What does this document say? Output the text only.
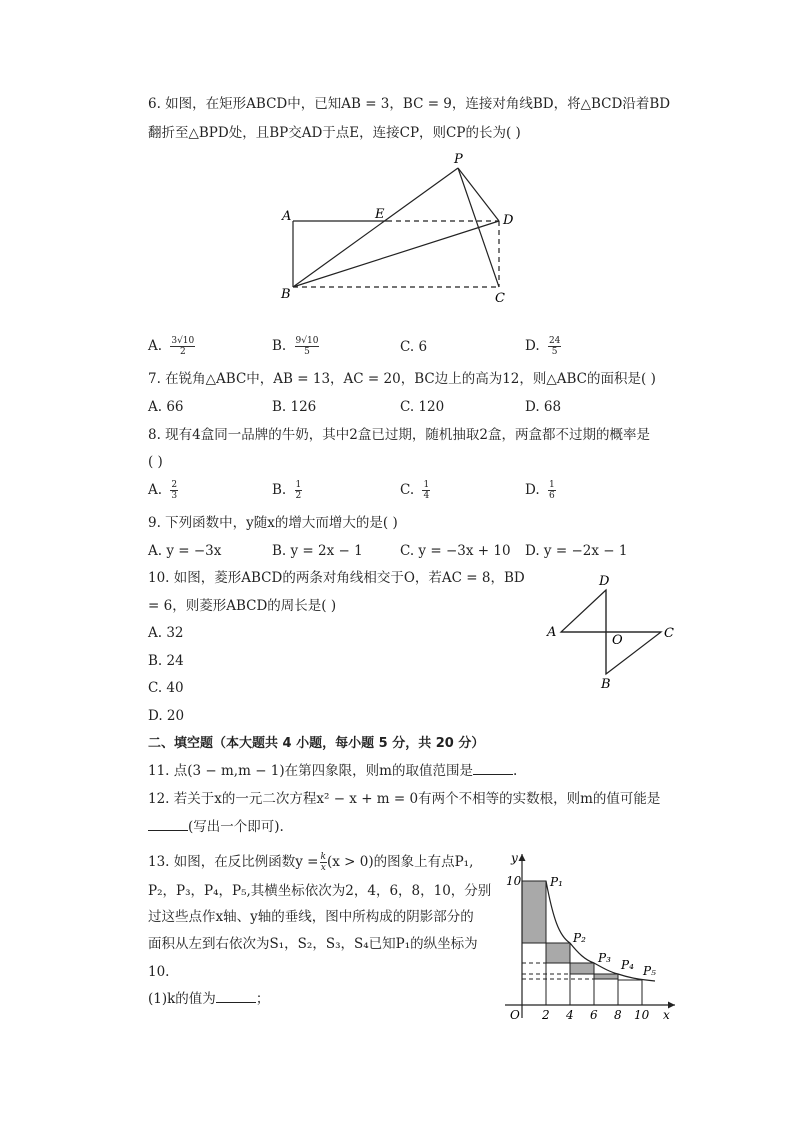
6. 如图，在矩形ABCD中，已知AB = 3，BC = 9，连接对角线BD，将△BCD沿着BD
翻折至△BPD处，且BP交AD于点E，连接CP，则CP的长为( )
P
A	E	D
B	C
A. $\frac{3√10}{2}$	B. $\frac{9√10}{5}$	C. 6	D. $\frac{24}{5}$
7. 在锐角△ABC中，AB = 13，AC = 20，BC边上的高为12，则△ABC的面积是( )
A. 66	B. 126	C. 120	D. 68
8. 现有4盒同一品牌的牛奶，其中2盒已过期，随机抽取2盒，两盒都不过期的概率是
( )
A. $\frac{2}{3}$	B. $\frac{1}{2}$	C. $\frac{1}{4}$	D. $\frac{1}{6}$
9. 下列函数中，y随x的增大而增大的是( )
A. y = −3x	B. y = 2x − 1	C. y = −3x + 10 D. y = −2x − 1
10. 如图，菱形ABCD的两条对角线相交于O，若AC = 8，BD
= 6，则菱形ABCD的周长是( )
A. 32
B. 24
C. 40
D. 20
D
A	C
O
B
二、填空题（本大题共 4 小题，每小题 5 分，共 20 分）
11. 点(3 − m,m − 1)在第四象限，则m的取值范围是	.
12. 若关于x的一元二次方程x² − x + m = 0有两个不相等的实数根，则m的值可能是
(写出一个即可).
13. 如图，在反比例函数$y = \frac{k}{x} (x > 0)$的图象上有点P₁,
P₂，P₃，P₄，P₅,其横坐标依次为2，4，6，8，10，分别
过这些点作x轴、y轴的垂线，图中所构成的阴影部分的
面积从左到右依次为S₁，S₂，S₃，S₄已知P₁的纵坐标为
10.
(1)k的值为	；
y
x
O
10
2 4 6 8 10
P₁
P₂
P₃ P₄ P₅
